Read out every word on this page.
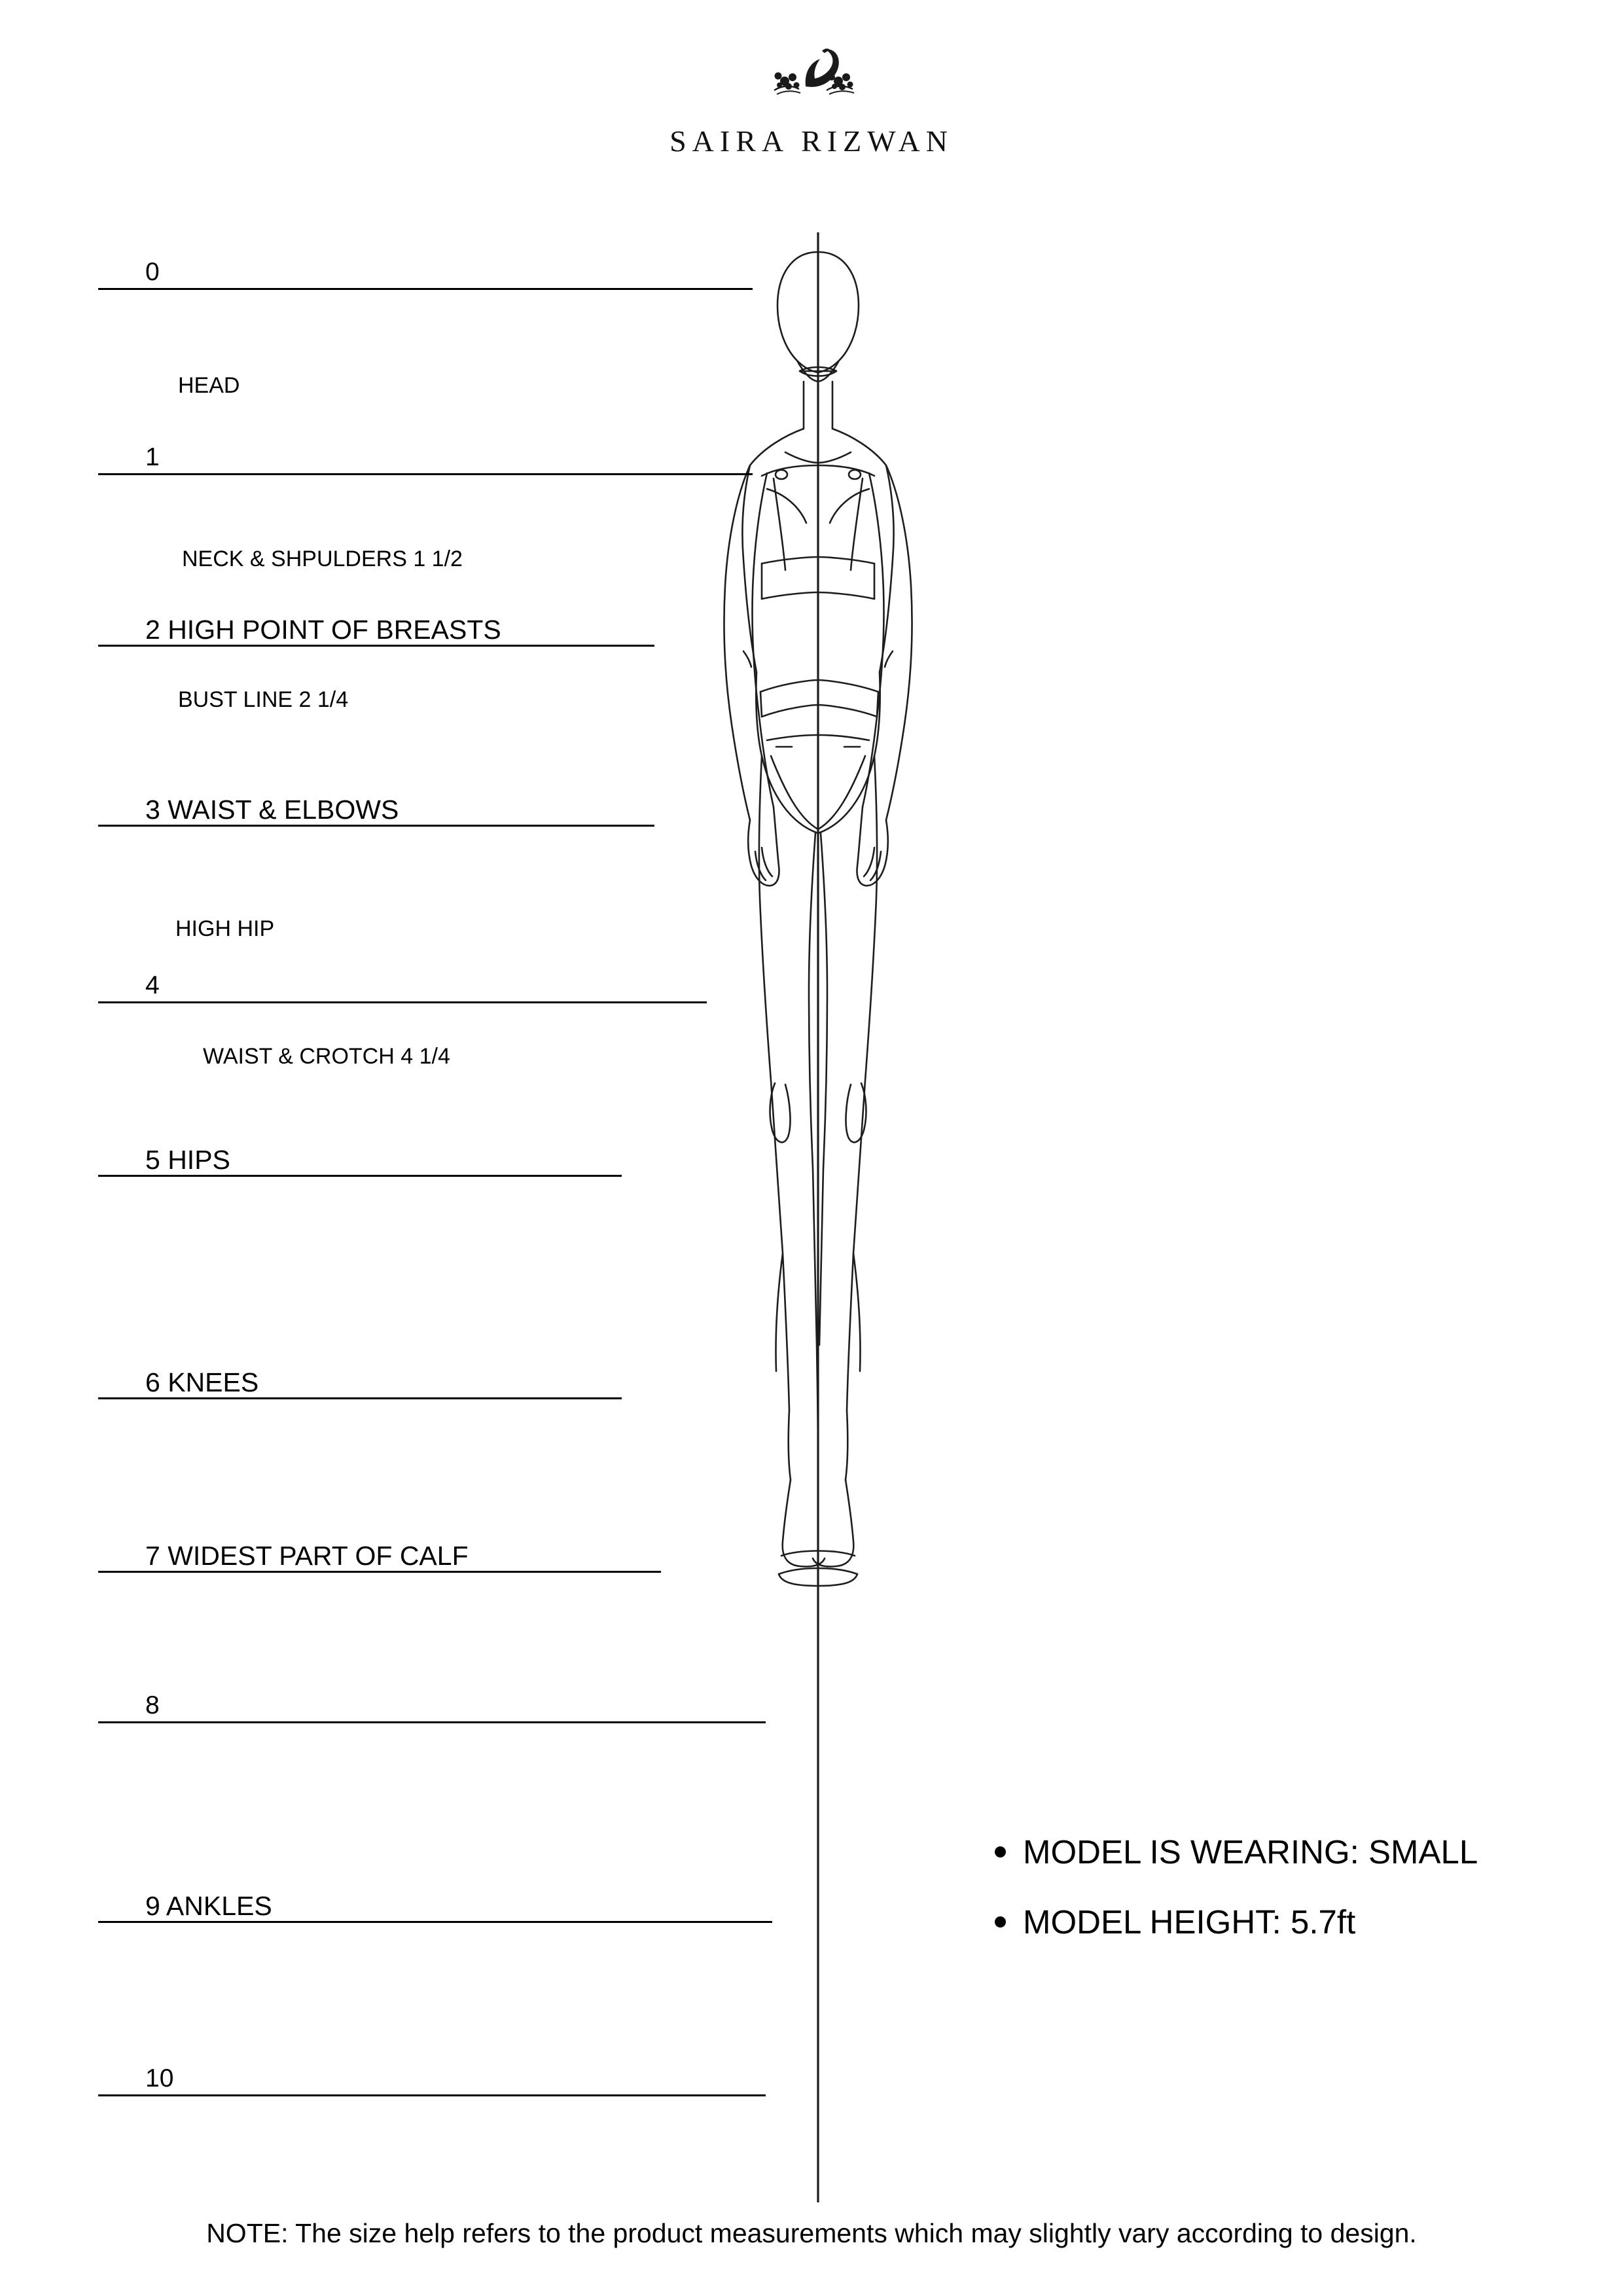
SAIRA RIZWAN
0
1
2 HIGH POINT OF BREASTS
3 WAIST & ELBOWS
4
5 HIPS
6 KNEES
7 WIDEST PART OF CALF
8
9 ANKLES
10
HEAD
NECK & SHPULDERS 1 1/2
BUST LINE 2 1/4
HIGH HIP
WAIST & CROTCH 4 1/4
MODEL IS WEARING: SMALL
MODEL HEIGHT: 5.7ft
NOTE: The size help refers to the product measurements which may slightly vary according to design.
